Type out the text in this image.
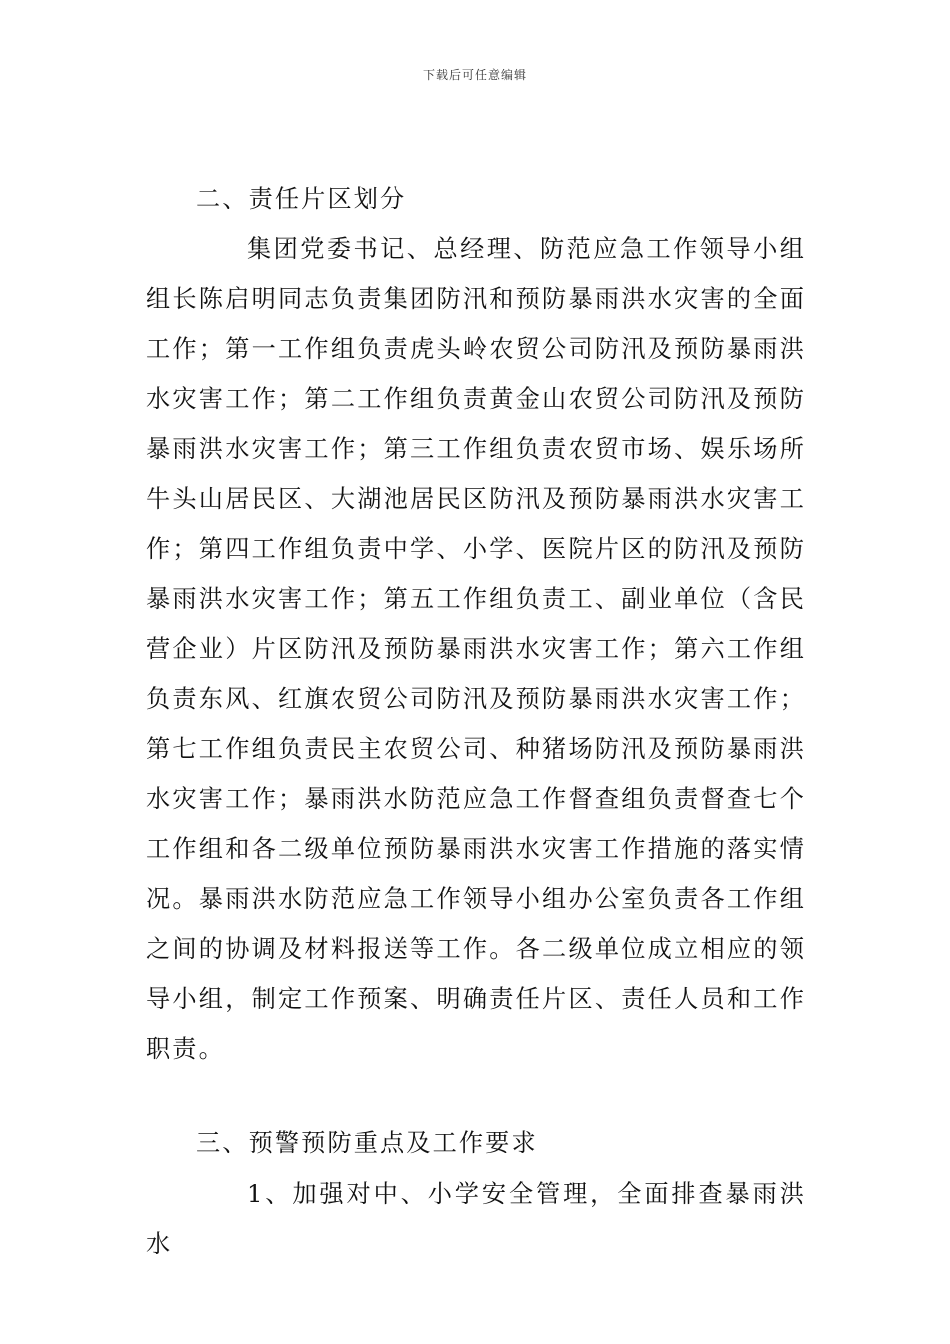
下载后可任意编辑
二、责任片区划分
集团党委书记、总经理、防范应急工作领导小组组长陈启明同志负责集团防汛和预防暴雨洪水灾害的全面工作；第一工作组负责虎头岭农贸公司防汛及预防暴雨洪水灾害工作；第二工作组负责黄金山农贸公司防汛及预防暴雨洪水灾害工作；第三工作组负责农贸市场、娱乐场所牛头山居民区、大湖池居民区防汛及预防暴雨洪水灾害工作；第四工作组负责中学、小学、医院片区的防汛及预防暴雨洪水灾害工作；第五工作组负责工、副业单位（含民营企业）片区防汛及预防暴雨洪水灾害工作；第六工作组负责东风、红旗农贸公司防汛及预防暴雨洪水灾害工作；第七工作组负责民主农贸公司、种猪场防汛及预防暴雨洪水灾害工作；暴雨洪水防范应急工作督查组负责督查七个工作组和各二级单位预防暴雨洪水灾害工作措施的落实情况。暴雨洪水防范应急工作领导小组办公室负责各工作组之间的协调及材料报送等工作。各二级单位成立相应的领导小组，制定工作预案、明确责任片区、责任人员和工作职责。
三、预警预防重点及工作要求
1、加强对中、小学安全管理，全面排查暴雨洪水
